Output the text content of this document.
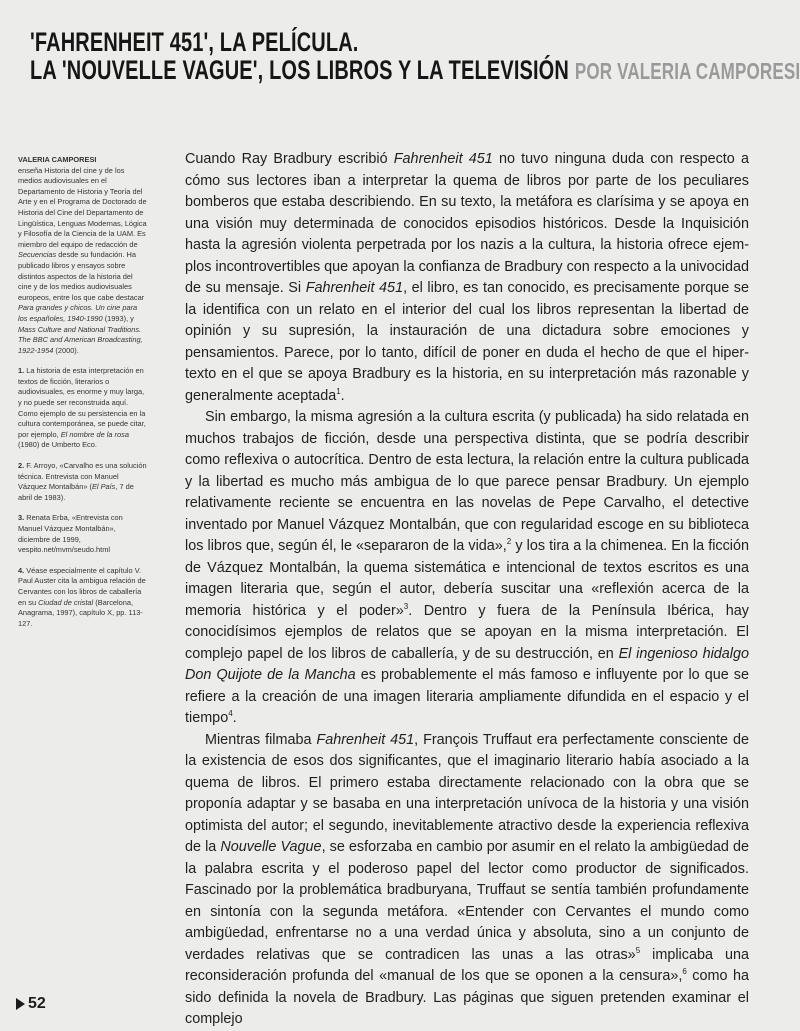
'FAHRENHEIT 451', LA PELÍCULA.
LA 'NOUVELLE VAGUE', LOS LIBROS Y LA TELEVISIÓN POR VALERIA CAMPORESI
VALERIA CAMPORESI
enseña Historia del cine y de los medios audiovisuales en el Departamento de Historia y Teoría del Arte y en el Programa de Doctorado de Historia del Cine del Departamento de Lingüística, Lenguas Modernas, Lógica y Filosofía de la Ciencia de la UAM. Es miembro del equipo de redacción de Secuencias desde su fundación. Ha publicado libros y ensayos sobre distintos aspectos de la historia del cine y de los medios audiovisuales europeos, entre los que cabe destacar Para grandes y chicos. Un cine para los españoles, 1940-1990 (1993), y Mass Culture and National Traditions. The BBC and American Broadcasting, 1922-1954 (2000).
1. La historia de esta interpretación en textos de ficción, literarios o audiovisuales, es enorme y muy larga, y no puede ser reconstruida aquí. Como ejemplo de su persistencia en la cultura contemporánea, se puede citar, por ejemplo, El nombre de la rosa (1980) de Umberto Eco.
2. F. Arroyo, «Carvalho es una solución técnica. Entrevista con Manuel Vázquez Montalbán» (El País, 7 de abril de 1983).
3. Renata Erba, «Entrevista con Manuel Vázquez Montalbán», diciembre de 1999, vespito.net/mvm/seudo.html
4. Véase especialmente el capítulo V. Paul Auster cita la ambigua relación de Cervantes con los libros de caballería en su Ciudad de cristal (Barcelona, Anagrama, 1997), capítulo X, pp. 113-127.

Cuando Ray Bradbury escribió Fahrenheit 451 no tuvo ninguna duda con respecto a cómo sus lectores iban a interpretar la quema de libros por parte de los peculiares bomberos que estaba describiendo. En su texto, la metáfora es clarísima y se apoya en una visión muy determinada de conocidos episodios históricos. Desde la Inquisición hasta la agresión violenta perpetrada por los nazis a la cultura, la historia ofrece ejemplos incontrovertibles que apoyan la confianza de Bradbury con respecto a la univocidad de su mensaje. Si Fahrenheit 451, el libro, es tan conocido, es precisamente porque se la identifica con un relato en el interior del cual los libros representan la libertad de opinión y su supresión, la instauración de una dictadura sobre emociones y pensamientos. Parece, por lo tanto, difícil de poner en duda el hecho de que el hipertexto en el que se apoya Bradbury es la historia, en su interpretación más razonable y generalmente aceptada$^1$.

Sin embargo, la misma agresión a la cultura escrita (y publicada) ha sido relatada en muchos trabajos de ficción, desde una perspectiva distinta, que se podría describir como reflexiva o autocrítica. Dentro de esta lectura, la relación entre la cultura publicada y la libertad es mucho más ambigua de lo que parece pensar Bradbury. Un ejemplo relativamente reciente se encuentra en las novelas de Pepe Carvalho, el detective inventado por Manuel Vázquez Montalbán, que con regularidad escoge en su biblioteca los libros que, según él, le «separaron de la vida»,$^2$ y los tira a la chimenea. En la ficción de Vázquez Montalbán, la quema sistemática e intencional de textos escritos es una imagen literaria que, según el autor, debería suscitar una «reflexión acerca de la memoria histórica y el poder»$^3$. Dentro y fuera de la Península Ibérica, hay conocidísimos ejemplos de relatos que se apoyan en la misma interpretación. El complejo papel de los libros de caballería, y de su destrucción, en El ingenioso hidalgo Don Quijote de la Mancha es probablemente el más famoso e influyente por lo que se refiere a la creación de una imagen literaria ampliamente difundida en el espacio y el tiempo$^4$.

Mientras filmaba Fahrenheit 451, François Truffaut era perfectamente consciente de la existencia de esos dos significantes, que el imaginario literario había asociado a la quema de libros. El primero estaba directamente relacionado con la obra que se proponía adaptar y se basaba en una interpretación unívoca de la historia y una visión optimista del autor; el segundo, inevitablemente atractivo desde la experiencia reflexiva de la Nouvelle Vague, se esforzaba en cambio por asumir en el relato la ambigüedad de la palabra escrita y el poderoso papel del lector como productor de significados. Fascinado por la problemática bradburyana, Truffaut se sentía también profundamente en sintonía con la segunda metáfora. «Entender con Cervantes el mundo como ambigüedad, enfrentarse no a una verdad única y absoluta, sino a un conjunto de verdades relativas que se contradicen las unas a las otras»$^5$ implicaba una reconsideración profunda del «manual de los que se oponen a la censura»,$^6$ como ha sido definida la novela de Bradbury. Las páginas que siguen pretenden examinar el complejo

52
